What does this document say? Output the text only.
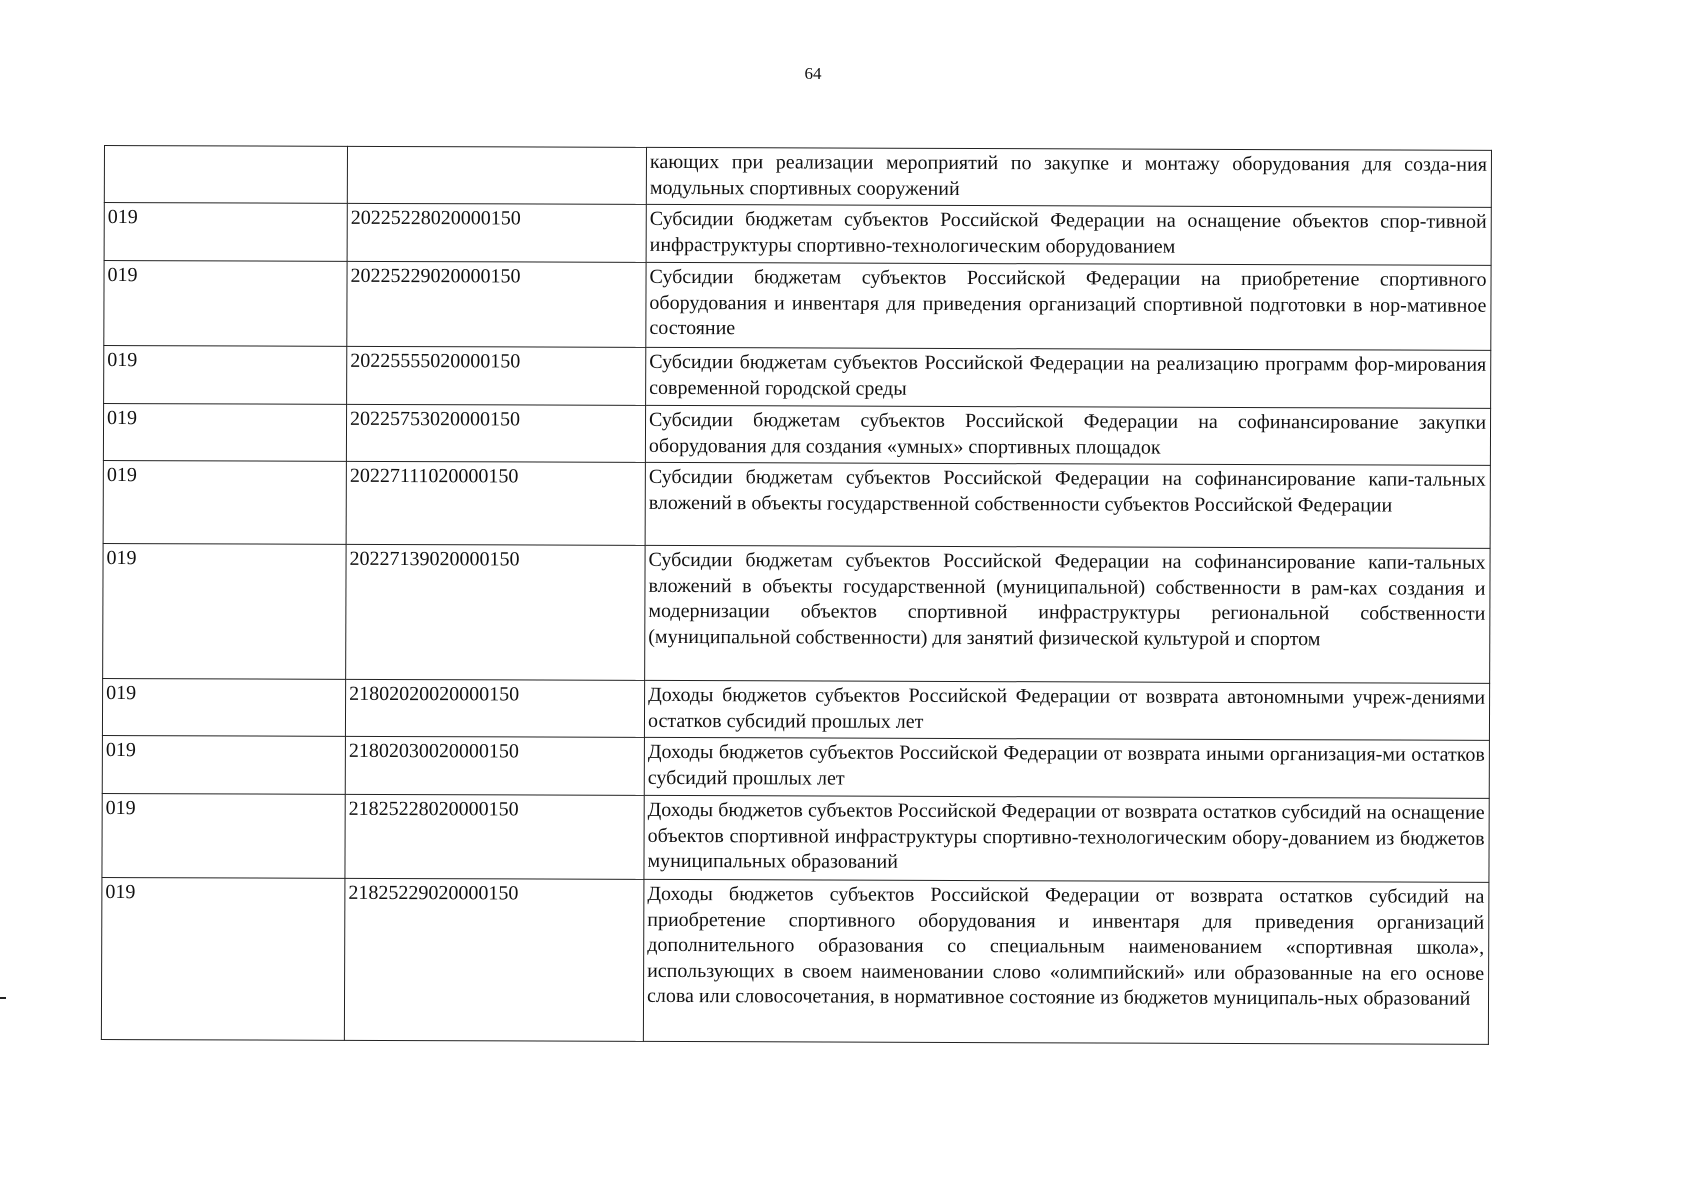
64
		кающих при реализации мероприятий по закупке и монтажу оборудования для созда-ния модульных спортивных сооружений
019	20225228020000150	Субсидии бюджетам субъектов Российской Федерации на оснащение объектов спор-тивной инфраструктуры спортивно-технологическим оборудованием
019	20225229020000150	Субсидии бюджетам субъектов Российской Федерации на приобретение спортивного оборудования и инвентаря для приведения организаций спортивной подготовки в нор-мативное состояние
019	20225555020000150	Субсидии бюджетам субъектов Российской Федерации на реализацию программ фор-мирования современной городской среды
019	20225753020000150	Субсидии бюджетам субъектов Российской Федерации на софинансирование закупки оборудования для создания «умных» спортивных площадок
019	20227111020000150	Субсидии бюджетам субъектов Российской Федерации на софинансирование капи-тальных вложений в объекты государственной собственности субъектов Российской Федерации
019	20227139020000150	Субсидии бюджетам субъектов Российской Федерации на софинансирование капи-тальных вложений в объекты государственной (муниципальной) собственности в рам-ках создания и модернизации объектов спортивной инфраструктуры региональной собственности (муниципальной собственности) для занятий физической культурой и спортом
019	21802020020000150	Доходы бюджетов субъектов Российской Федерации от возврата автономными учреж-дениями остатков субсидий прошлых лет
019	21802030020000150	Доходы бюджетов субъектов Российской Федерации от возврата иными организация-ми остатков субсидий прошлых лет
019	21825228020000150	Доходы бюджетов субъектов Российской Федерации от возврата остатков субсидий на оснащение объектов спортивной инфраструктуры спортивно-технологическим обору-дованием из бюджетов муниципальных образований
019	21825229020000150	Доходы бюджетов субъектов Российской Федерации от возврата остатков субсидий на приобретение спортивного оборудования и инвентаря для приведения организаций дополнительного образования со специальным наименованием «спортивная школа», использующих в своем наименовании слово «олимпийский» или образованные на его основе слова или словосочетания, в нормативное состояние из бюджетов муниципаль-ных образований
